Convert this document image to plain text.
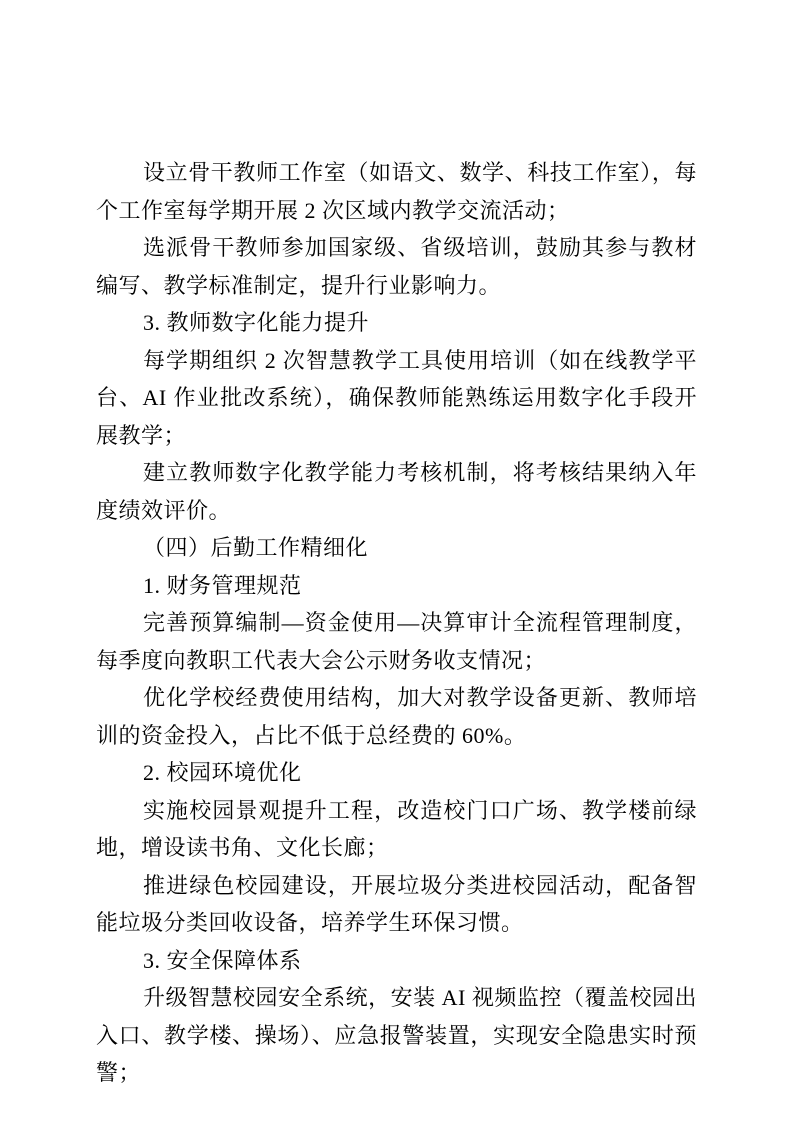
设立骨干教师工作室（如语文、数学、科技工作室），每个工作室每学期开展 2 次区域内教学交流活动；

选派骨干教师参加国家级、省级培训，鼓励其参与教材编写、教学标准制定，提升行业影响力。

3. 教师数字化能力提升

每学期组织 2 次智慧教学工具使用培训（如在线教学平台、AI 作业批改系统），确保教师能熟练运用数字化手段开展教学；

建立教师数字化教学能力考核机制，将考核结果纳入年度绩效评价。

（四）后勤工作精细化

1. 财务管理规范

完善预算编制—资金使用—决算审计全流程管理制度，每季度向教职工代表大会公示财务收支情况；

优化学校经费使用结构，加大对教学设备更新、教师培训的资金投入，占比不低于总经费的 60%。

2. 校园环境优化

实施校园景观提升工程，改造校门口广场、教学楼前绿地，增设读书角、文化长廊；

推进绿色校园建设，开展垃圾分类进校园活动，配备智能垃圾分类回收设备，培养学生环保习惯。

3. 安全保障体系

升级智慧校园安全系统，安装 AI 视频监控（覆盖校园出入口、教学楼、操场）、应急报警装置，实现安全隐患实时预警；
